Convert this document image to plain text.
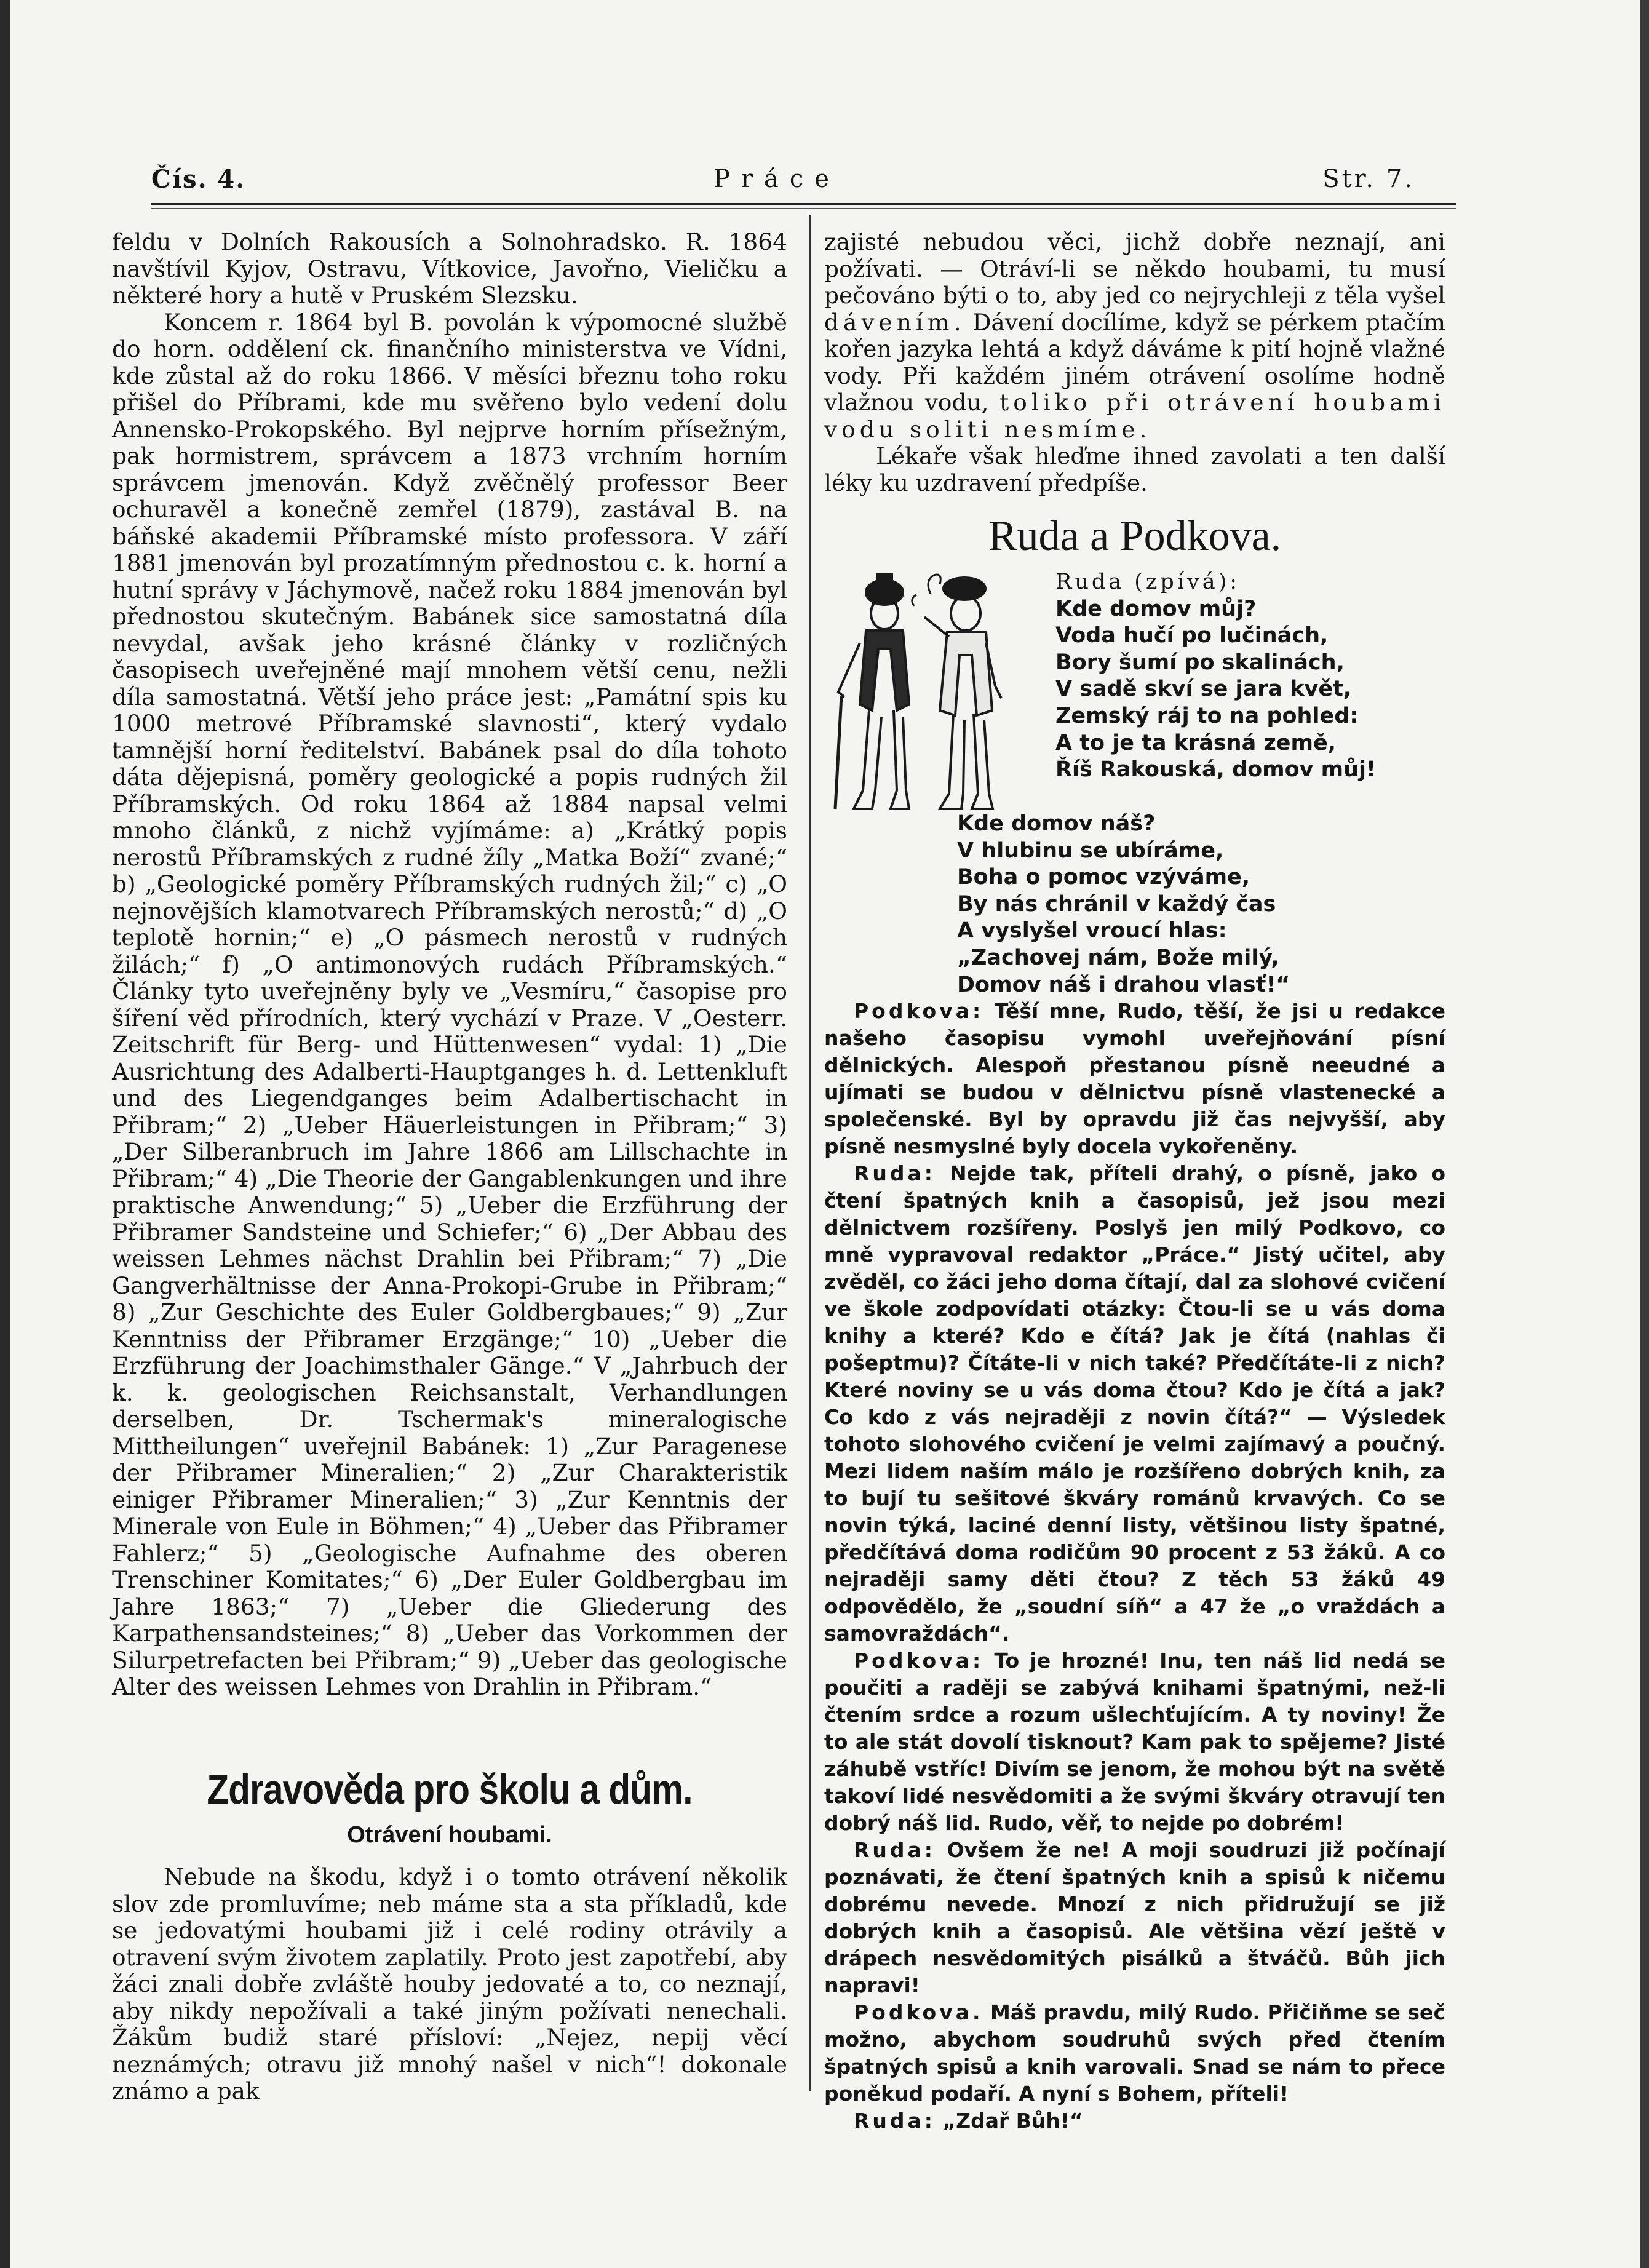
Čís. 4.	Práce	Str. 7.

feldu v Dolních Rakousích a Solnohradsko. R. 1864 navštívil Kyjov, Ostravu, Vítkovice, Javořno, Vieličku a některé hory a hutě v Pruském Slezsku.

Koncem r. 1864 byl B. povolán k výpomocné službě do horn. oddělení ck. finančního ministerstva ve Vídni, kde zůstal až do roku 1866. V měsíci březnu toho roku přišel do Příbrami, kde mu svěřeno bylo vedení dolu Annensko-Prokopského. Byl nejprve horním přísežným, pak hormistrem, správcem a 1873 vrchním horním správcem jmenován. Když zvěčnělý professor Beer ochuravěl a konečně zemřel (1879), zastával B. na báňské akademii Příbramské místo professora. V září 1881 jmenován byl prozatímným přednostou c. k. horní a hutní správy v Jáchymově, načež roku 1884 jmenován byl přednostou skutečným. Babánek sice samostatná díla nevydal, avšak jeho krásné články v rozličných časopisech uveřejněné mají mnohem větší cenu, nežli díla samostatná. Větší jeho práce jest: „Památní spis ku 1000 metrové Příbramské slavnosti“, který vydalo tamnější horní ředitelství. Babánek psal do díla tohoto dáta dějepisná, poměry geologické a popis rudných žil Příbramských. Od roku 1864 až 1884 napsal velmi mnoho článků, z nichž vyjímáme: a) „Krátký popis nerostů Příbramských z rudné žíly „Matka Boží“ zvané;“ b) „Geologické poměry Příbramských rudných žil;“ c) „O nejnovějších klamotvarech Příbramských nerostů;“ d) „O teplotě hornin;“ e) „O pásmech nerostů v rudných žilách;“ f) „O antimonových rudách Příbramských.“ Články tyto uveřejněny byly ve „Vesmíru,“ časopise pro šíření věd přírodních, který vychází v Praze. V „Oesterr. Zeitschrift für Berg- und Hüttenwesen“ vydal: 1) „Die Ausrichtung des Adalberti-Hauptganges h. d. Lettenkluft und des Liegendganges beim Adalbertischacht in Přibram;“ 2) „Ueber Häuerleistungen in Přibram;“ 3) „Der Silberanbruch im Jahre 1866 am Lillschachte in Přibram;“ 4) „Die Theorie der Gangablenkungen und ihre praktische Anwendung;“ 5) „Ueber die Erzführung der Přibramer Sandsteine und Schiefer;“ 6) „Der Abbau des weissen Lehmes nächst Drahlin bei Přibram;“ 7) „Die Gangverhältnisse der Anna-Prokopi-Grube in Přibram;“ 8) „Zur Geschichte des Euler Goldbergbaues;“ 9) „Zur Kenntniss der Přibramer Erzgänge;“ 10) „Ueber die Erzführung der Joachimsthaler Gänge.“ V „Jahrbuch der k. k. geologischen Reichsanstalt, Verhandlungen derselben, Dr. Tschermak's mineralogische Mittheilungen“ uveřejnil Babánek: 1) „Zur Paragenese der Přibramer Mineralien;“ 2) „Zur Charakteristik einiger Přibramer Mineralien;“ 3) „Zur Kenntnis der Minerale von Eule in Böhmen;“ 4) „Ueber das Přibramer Fahlerz;“ 5) „Geologische Aufnahme des oberen Trenschiner Komitates;“ 6) „Der Euler Goldbergbau im Jahre 1863;“ 7) „Ueber die Gliederung des Karpathensandsteines;“ 8) „Ueber das Vorkommen der Silurpetrefacten bei Přibram;“ 9) „Ueber das geologische Alter des weissen Lehmes von Drahlin in Přibram.“

Zdravověda pro školu a dům.
Otrávení houbami.

Nebude na škodu, když i o tomto otrávení několik slov zde promluvíme; neb máme sta a sta příkladů, kde se jedovatými houbami již i celé rodiny otrávily a otravení svým životem zaplatily. Proto jest zapotřebí, aby žáci znali dobře zvláště houby jedovaté a to, co neznají, aby nikdy nepožívali a také jiným požívati nenechali. Žákům budiž staré přísloví: „Nejez, nepij věcí neznámých; otravu již mnohý našel v nich“! dokonale známo a pak

zajisté nebudou věci, jichž dobře neznají, ani požívati. — Otráví-li se někdo houbami, tu musí pečováno býti o to, aby jed co nejrychleji z těla vyšel dávením. Dávení docílíme, když se pérkem ptačím kořen jazyka lehtá a když dáváme k pití hojně vlažné vody. Při každém jiném otrávení osolíme hodně vlažnou vodu, toliko při otrávení houbami vodu soliti nesmíme.

Lékaře však hleďme ihned zavolati a ten další léky ku uzdravení předpíše.

Ruda a Podkova.
Ruda (zpívá):
Kde domov můj?
Voda hučí po lučinách,
Bory šumí po skalinách,
V sadě skví se jara květ,
Zemský ráj to na pohled:
A to je ta krásná země,
Říš Rakouská, domov můj!
Kde domov náš?
V hlubinu se ubíráme,
Boha o pomoc vzýváme,
By nás chránil v každý čas
A vyslyšel vroucí hlas:
„Zachovej nám, Bože milý,
Domov náš i drahou vlasť!“

Podkova: Těší mne, Rudo, těší, že jsi u redakce našeho časopisu vymohl uveřejňování písní dělnických. Alespoň přestanou písně neeudné a ujímati se budou v dělnictvu písně vlastenecké a společenské. Byl by opravdu již čas nejvyšší, aby písně nesmyslné byly docela vykořeněny.

Ruda: Nejde tak, příteli drahý, o písně, jako o čtení špatných knih a časopisů, jež jsou mezi dělnictvem rozšířeny. Poslyš jen milý Podkovo, co mně vypravoval redaktor „Práce.“ Jistý učitel, aby zvěděl, co žáci jeho doma čítají, dal za slohové cvičení ve škole zodpovídati otázky: Čtou-li se u vás doma knihy a které? Kdo e čítá? Jak je čítá (nahlas či pošeptmu)? Čítáte-li v nich také? Předčítáte-li z nich? Které noviny se u vás doma čtou? Kdo je čítá a jak? Co kdo z vás nejraději z novin čítá?“ — Výsledek tohoto slohového cvičení je velmi zajímavý a poučný. Mezi lidem naším málo je rozšířeno dobrých knih, za to bují tu sešitové škváry románů krvavých. Co se novin týká, laciné denní listy, většinou listy špatné, předčítává doma rodičům 90 procent z 53 žáků. A co nejraději samy děti čtou? Z těch 53 žáků 49 odpovědělo, že „soudní síň“ a 47 že „o vraždách a samovraždách“.

Podkova: To je hrozné! Inu, ten náš lid nedá se poučiti a raději se zabývá knihami špatnými, než-li čtením srdce a rozum ušlechťujícím. A ty noviny! Že to ale stát dovolí tisknout? Kam pak to spějeme? Jisté záhubě vstříc! Divím se jenom, že mohou být na světě takoví lidé nesvědomiti a že svými škváry otravují ten dobrý náš lid. Rudo, věř, to nejde po dobrém!

Ruda: Ovšem že ne! A moji soudruzi již počínají poznávati, že čtení špatných knih a spisů k ničemu dobrému nevede. Mnozí z nich přidružují se již dobrých knih a časopisů. Ale většina vězí ještě v drápech nesvědomitých pisálků a štváčů. Bůh jich napravi!

Podkova. Máš pravdu, milý Rudo. Přičiňme se seč možno, abychom soudruhů svých před čtením špatných spisů a knih varovali. Snad se nám to přece poněkud podaří. A nyní s Bohem, příteli!

Ruda: „Zdař Bůh!“
